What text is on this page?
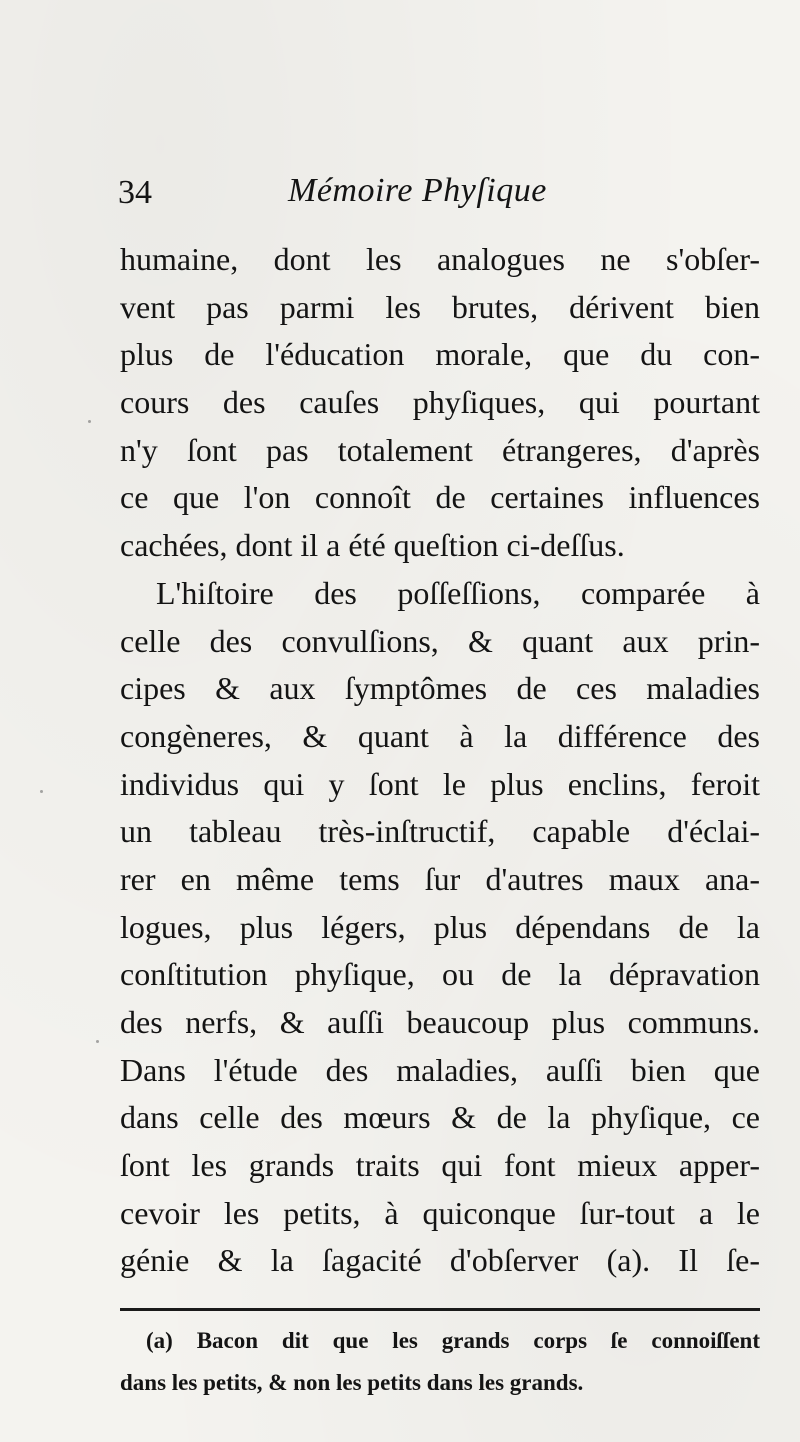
34	Mémoire Phyſique
humaine, dont les analogues ne s'obſer-
vent pas parmi les brutes, dérivent bien
plus de l'éducation morale, que du con-
cours des cauſes phyſiques, qui pourtant
n'y ſont pas totalement étrangeres, d'après
ce que l'on connoît de certaines influences
cachées, dont il a été queſtion ci-deſſus.
L'hiſtoire des poſſeſſions, comparée à
celle des convulſions, & quant aux prin-
cipes & aux ſymptômes de ces maladies
congèneres, & quant à la différence des
individus qui y ſont le plus enclins, feroit
un tableau très-inſtructif, capable d'éclai-
rer en même tems ſur d'autres maux ana-
logues, plus légers, plus dépendans de la
conſtitution phyſique, ou de la dépravation
des nerfs, & auſſi beaucoup plus communs.
Dans l'étude des maladies, auſſi bien que
dans celle des mœurs & de la phyſique, ce
ſont les grands traits qui font mieux apper-
cevoir les petits, à quiconque ſur-tout a le
génie & la ſagacité d'obſerver (a). Il ſe-
(a) Bacon dit que les grands corps ſe connoiſſent
dans les petits, & non les petits dans les grands.
